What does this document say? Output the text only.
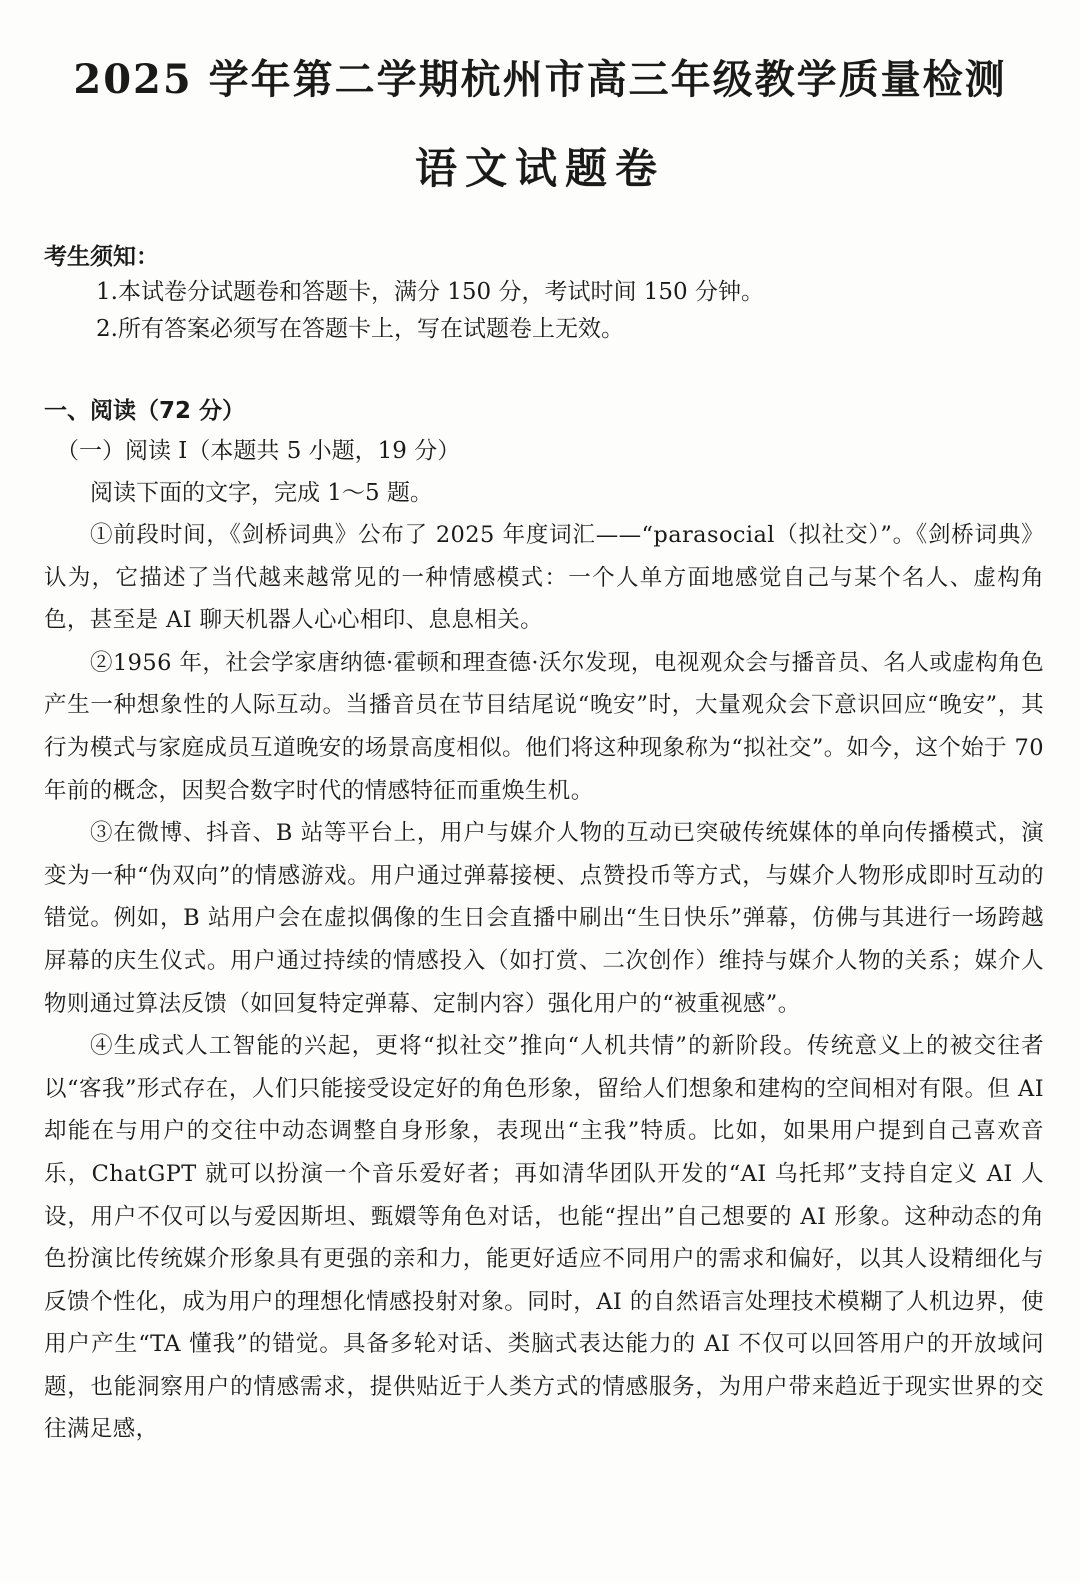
2025 学年第二学期杭州市高三年级教学质量检测
语文试题卷
考生须知：
1.本试卷分试题卷和答题卡，满分 150 分，考试时间 150 分钟。
2.所有答案必须写在答题卡上，写在试题卷上无效。
一、阅读（72 分）
（一）阅读 I（本题共 5 小题，19 分）
阅读下面的文字，完成 1～5 题。

①前段时间，《剑桥词典》公布了 2025 年度词汇——“parasocial（拟社交）”。《剑桥词典》认为，它描述了当代越来越常见的一种情感模式：一个人单方面地感觉自己与某个名人、虚构角色，甚至是 AI 聊天机器人心心相印、息息相关。

②1956 年，社会学家唐纳德·霍顿和理查德·沃尔发现，电视观众会与播音员、名人或虚构角色产生一种想象性的人际互动。当播音员在节目结尾说“晚安”时，大量观众会下意识回应“晚安”，其行为模式与家庭成员互道晚安的场景高度相似。他们将这种现象称为“拟社交”。如今，这个始于 70 年前的概念，因契合数字时代的情感特征而重焕生机。

③在微博、抖音、B 站等平台上，用户与媒介人物的互动已突破传统媒体的单向传播模式，演变为一种“伪双向”的情感游戏。用户通过弹幕接梗、点赞投币等方式，与媒介人物形成即时互动的错觉。例如，B 站用户会在虚拟偶像的生日会直播中刷出“生日快乐”弹幕，仿佛与其进行一场跨越屏幕的庆生仪式。用户通过持续的情感投入（如打赏、二次创作）维持与媒介人物的关系；媒介人物则通过算法反馈（如回复特定弹幕、定制内容）强化用户的“被重视感”。

④生成式人工智能的兴起，更将“拟社交”推向“人机共情”的新阶段。传统意义上的被交往者以“客我”形式存在，人们只能接受设定好的角色形象，留给人们想象和建构的空间相对有限。但 AI 却能在与用户的交往中动态调整自身形象，表现出“主我”特质。比如，如果用户提到自己喜欢音乐，ChatGPT 就可以扮演一个音乐爱好者；再如清华团队开发的“AI 乌托邦”支持自定义 AI 人设，用户不仅可以与爱因斯坦、甄嬛等角色对话，也能“捏出”自己想要的 AI 形象。这种动态的角色扮演比传统媒介形象具有更强的亲和力，能更好适应不同用户的需求和偏好，以其人设精细化与反馈个性化，成为用户的理想化情感投射对象。同时，AI 的自然语言处理技术模糊了人机边界，使用户产生“TA 懂我”的错觉。具备多轮对话、类脑式表达能力的 AI 不仅可以回答用户的开放域问题，也能洞察用户的情感需求，提供贴近于人类方式的情感服务，为用户带来趋近于现实世界的交往满足感，
